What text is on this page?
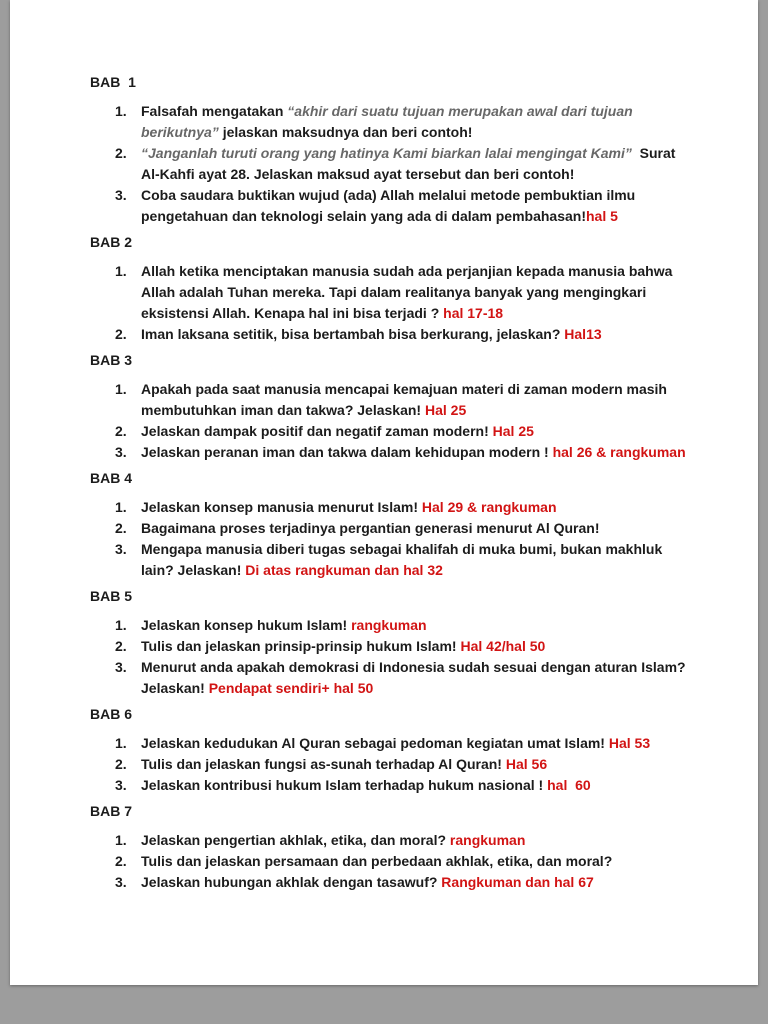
BAB  1
1.	Falsafah mengatakan “akhir dari suatu tujuan merupakan awal dari tujuan berikutnya” jelaskan maksudnya dan beri contoh!
2.	“Janganlah turuti orang yang hatinya Kami biarkan lalai mengingat Kami”  Surat Al-Kahfi ayat 28. Jelaskan maksud ayat tersebut dan beri contoh!
3.	Coba saudara buktikan wujud (ada) Allah melalui metode pembuktian ilmu pengetahuan dan teknologi selain yang ada di dalam pembahasan!hal 5
BAB 2
1.	Allah ketika menciptakan manusia sudah ada perjanjian kepada manusia bahwa Allah adalah Tuhan mereka. Tapi dalam realitanya banyak yang mengingkari eksistensi Allah. Kenapa hal ini bisa terjadi ? hal 17-18
2.	Iman laksana setitik, bisa bertambah bisa berkurang, jelaskan? Hal13
BAB 3
1.	Apakah pada saat manusia mencapai kemajuan materi di zaman modern masih membutuhkan iman dan takwa? Jelaskan! Hal 25
2.	Jelaskan dampak positif dan negatif zaman modern! Hal 25
3.	Jelaskan peranan iman dan takwa dalam kehidupan modern ! hal 26 & rangkuman
BAB 4
1.	Jelaskan konsep manusia menurut Islam! Hal 29 & rangkuman
2.	Bagaimana proses terjadinya pergantian generasi menurut Al Quran!
3.	Mengapa manusia diberi tugas sebagai khalifah di muka bumi, bukan makhluk lain? Jelaskan! Di atas rangkuman dan hal 32
BAB 5
1.	Jelaskan konsep hukum Islam! rangkuman
2.	Tulis dan jelaskan prinsip-prinsip hukum Islam! Hal 42/hal 50
3.	Menurut anda apakah demokrasi di Indonesia sudah sesuai dengan aturan Islam? Jelaskan! Pendapat sendiri+ hal 50
BAB 6
1.	Jelaskan kedudukan Al Quran sebagai pedoman kegiatan umat Islam! Hal 53
2.	Tulis dan jelaskan fungsi as-sunah terhadap Al Quran! Hal 56
3.	Jelaskan kontribusi hukum Islam terhadap hukum nasional ! hal  60
BAB 7
1.	Jelaskan pengertian akhlak, etika, dan moral? rangkuman
2.	Tulis dan jelaskan persamaan dan perbedaan akhlak, etika, dan moral?
3.	Jelaskan hubungan akhlak dengan tasawuf? Rangkuman dan hal 67
